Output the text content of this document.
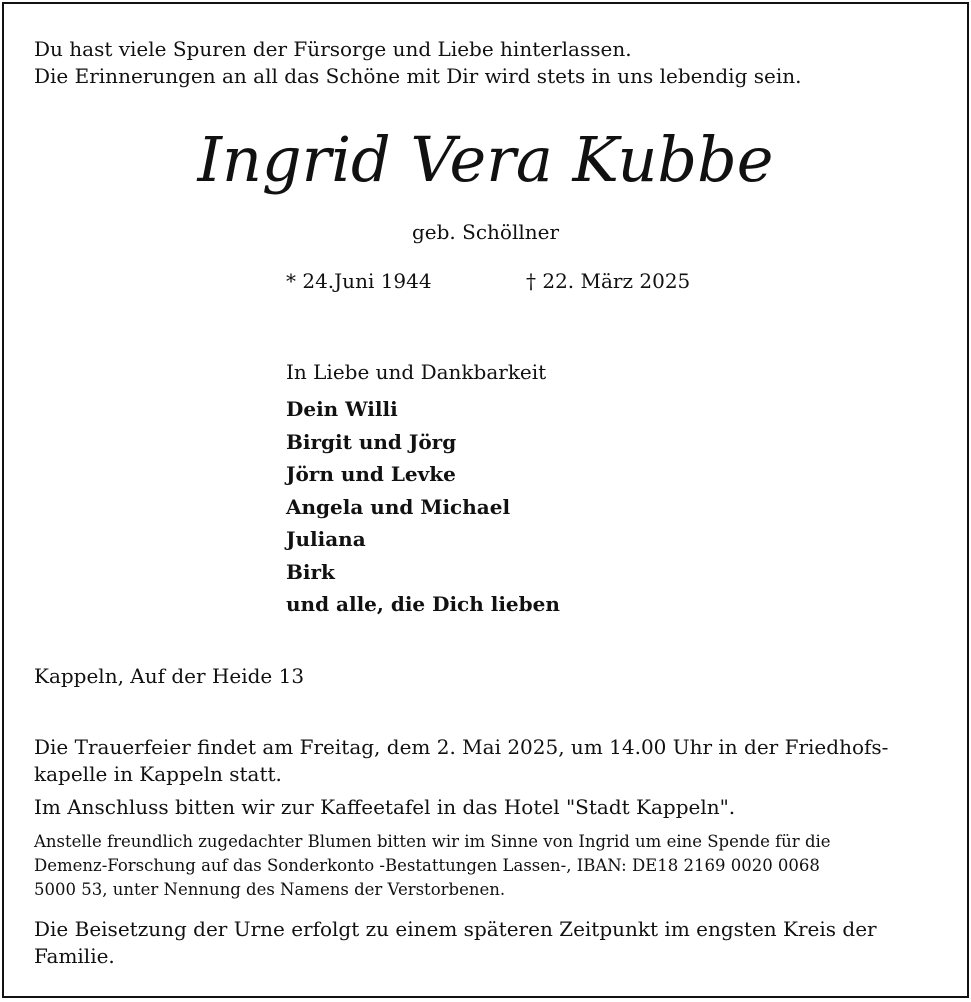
Du hast viele Spuren der Fürsorge und Liebe hinterlassen.
Die Erinnerungen an all das Schöne mit Dir wird stets in uns lebendig sein.

Ingrid Vera Kubbe

geb. Schöllner

* 24.Juni 1944	† 22. März 2025

In Liebe und Dankbarkeit

Dein Willi
Birgit und Jörg
Jörn und Levke
Angela und Michael
Juliana
Birk
und alle, die Dich lieben

Kappeln, Auf der Heide 13

Die Trauerfeier findet am Freitag, dem 2. Mai 2025, um 14.00 Uhr in der Friedhofs-
kapelle in Kappeln statt.

Im Anschluss bitten wir zur Kaffeetafel in das Hotel "Stadt Kappeln".

Anstelle freundlich zugedachter Blumen bitten wir im Sinne von Ingrid um eine Spende für die
Demenz-Forschung auf das Sonderkonto -Bestattungen Lassen-, IBAN: DE18 2169 0020 0068
5000 53, unter Nennung des Namens der Verstorbenen.

Die Beisetzung der Urne erfolgt zu einem späteren Zeitpunkt im engsten Kreis der
Familie.
